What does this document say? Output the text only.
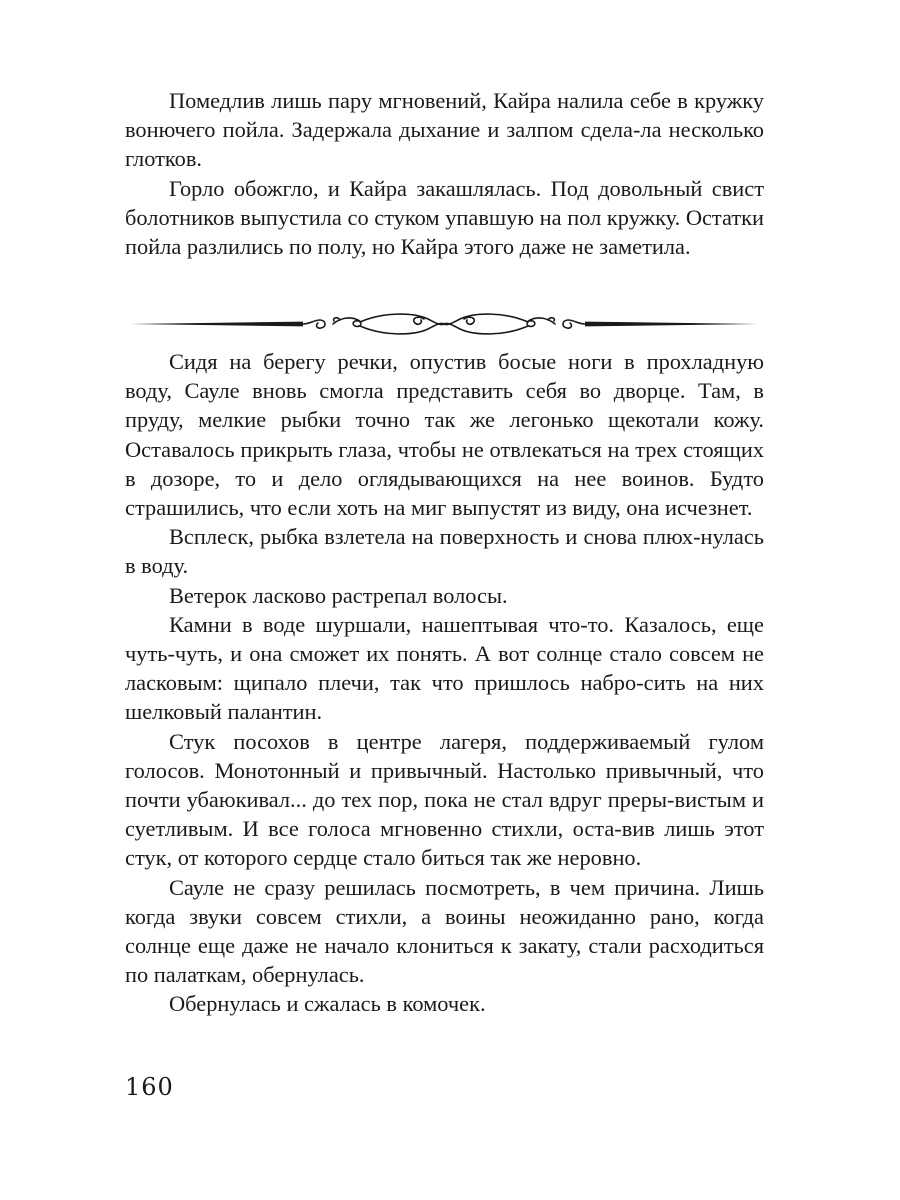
Помедлив лишь пару мгновений, Кайра налила себе в кружку вонючего пойла. Задержала дыхание и залпом сдела-ла несколько глотков.

Горло обожгло, и Кайра закашлялась. Под довольный свист болотников выпустила со стуком упавшую на пол кружку. Остатки пойла разлились по полу, но Кайра этого даже не заметила.

Сидя на берегу речки, опустив босые ноги в прохладную воду, Сауле вновь смогла представить себя во дворце. Там, в пруду, мелкие рыбки точно так же легонько щекотали кожу. Оставалось прикрыть глаза, чтобы не отвлекаться на трех стоящих в дозоре, то и дело оглядывающихся на нее воинов. Будто страшились, что если хоть на миг выпустят из виду, она исчезнет.

Всплеск, рыбка взлетела на поверхность и снова плюх-нулась в воду.

Ветерок ласково растрепал волосы.

Камни в воде шуршали, нашептывая что-то. Казалось, еще чуть-чуть, и она сможет их понять. А вот солнце стало совсем не ласковым: щипало плечи, так что пришлось набро-сить на них шелковый палантин.

Стук посохов в центре лагеря, поддерживаемый гулом голосов. Монотонный и привычный. Настолько привычный, что почти убаюкивал... до тех пор, пока не стал вдруг преры-вистым и суетливым. И все голоса мгновенно стихли, оста-вив лишь этот стук, от которого сердце стало биться так же неровно.

Сауле не сразу решилась посмотреть, в чем причина. Лишь когда звуки совсем стихли, а воины неожиданно рано, когда солнце еще даже не начало клониться к закату, стали расходиться по палаткам, обернулась.

Обернулась и сжалась в комочек.

160
